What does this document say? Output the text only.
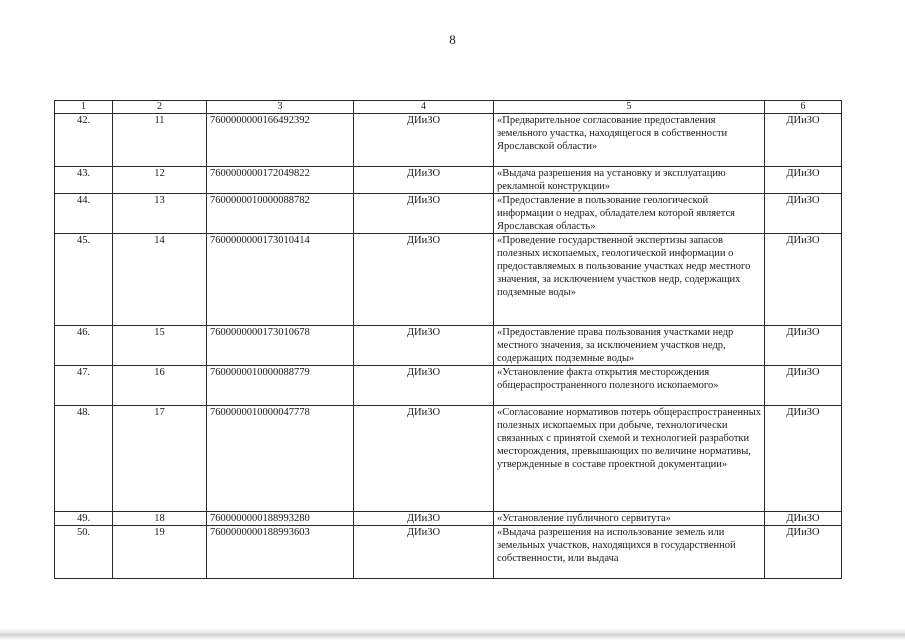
8
1	2	3	4	5	6
42.	11	7600000000166492392	ДИиЗО	«Предварительное согласование предоставления земельного участка, находящегося в собственности Ярославской области»	ДИиЗО
43.	12	7600000000172049822	ДИиЗО	«Выдача разрешения на установку и эксплуатацию рекламной конструкции»	ДИиЗО
44.	13	7600000010000088782	ДИиЗО	«Предоставление в пользование геологической информации о недрах, обладателем которой является Ярославская область»	ДИиЗО
45.	14	7600000000173010414	ДИиЗО	«Проведение государственной экспертизы запасов полезных ископаемых, геологической информации о предоставляемых в пользование участках недр местного значения, за исключением участков недр, содержащих подземные воды»	ДИиЗО
46.	15	7600000000173010678	ДИиЗО	«Предоставление права пользования участками недр местного значения, за исключением участков недр, содержащих подземные воды»	ДИиЗО
47.	16	7600000010000088779	ДИиЗО	«Установление факта открытия месторождения общераспространенного полезного ископаемого»	ДИиЗО
48.	17	7600000010000047778	ДИиЗО	«Согласование нормативов потерь общераспространенных полезных ископаемых при добыче, технологически связанных с принятой схемой и технологией разработки месторождения, превышающих по величине нормативы, утвержденные в составе проектной документации»	ДИиЗО
49.	18	7600000000188993280	ДИиЗО	«Установление публичного сервитута»	ДИиЗО
50.	19	7600000000188993603	ДИиЗО	«Выдача разрешения на использование земель или земельных участков, находящихся в государственной собственности, или выдача	ДИиЗО
